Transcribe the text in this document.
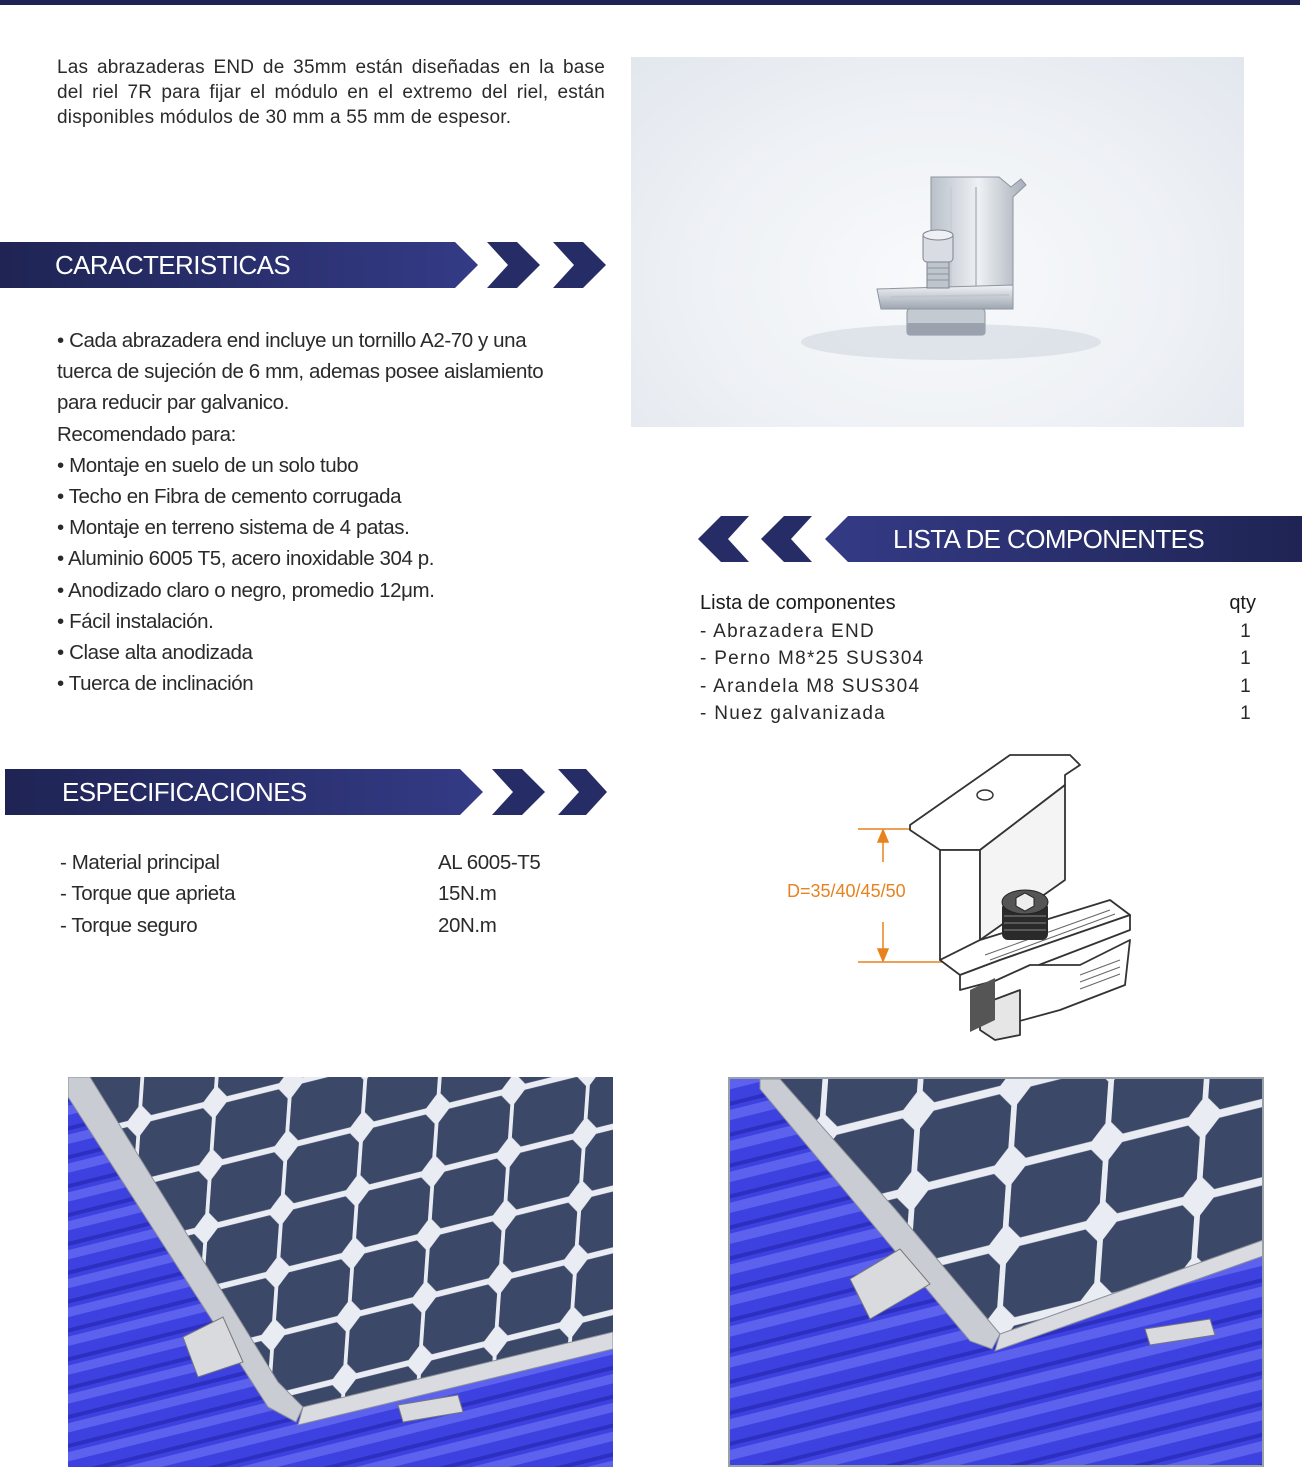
Las abrazaderas END de 35mm están diseñadas en la base del riel 7R para fijar el módulo en el extremo del riel, están disponibles módulos de 30 mm a 55 mm de espesor.

CARACTERISTICAS
• Cada abrazadera end incluye un tornillo A2-70 y una
tuerca de sujeción de 6 mm, ademas posee aislamiento
para reducir par galvanico.
Recomendado para:
• Montaje en suelo de un solo tubo
• Techo en Fibra de cemento corrugada
• Montaje en terreno sistema de 4 patas.
• Aluminio 6005 T5, acero inoxidable 304 p.
• Anodizado claro o negro, promedio 12μm.
• Fácil instalación.
• Clase alta anodizada
• Tuerca de inclinación
LISTA DE COMPONENTES
Lista de componentes	qty
- Abrazadera END	1
- Perno M8*25 SUS304	1
- Arandela M8 SUS304	1
- Nuez galvanizada	1
ESPECIFICACIONES
- Material principal	AL 6005-T5
- Torque que aprieta	15N.m
- Torque seguro	20N.m
D=35/40/45/50
